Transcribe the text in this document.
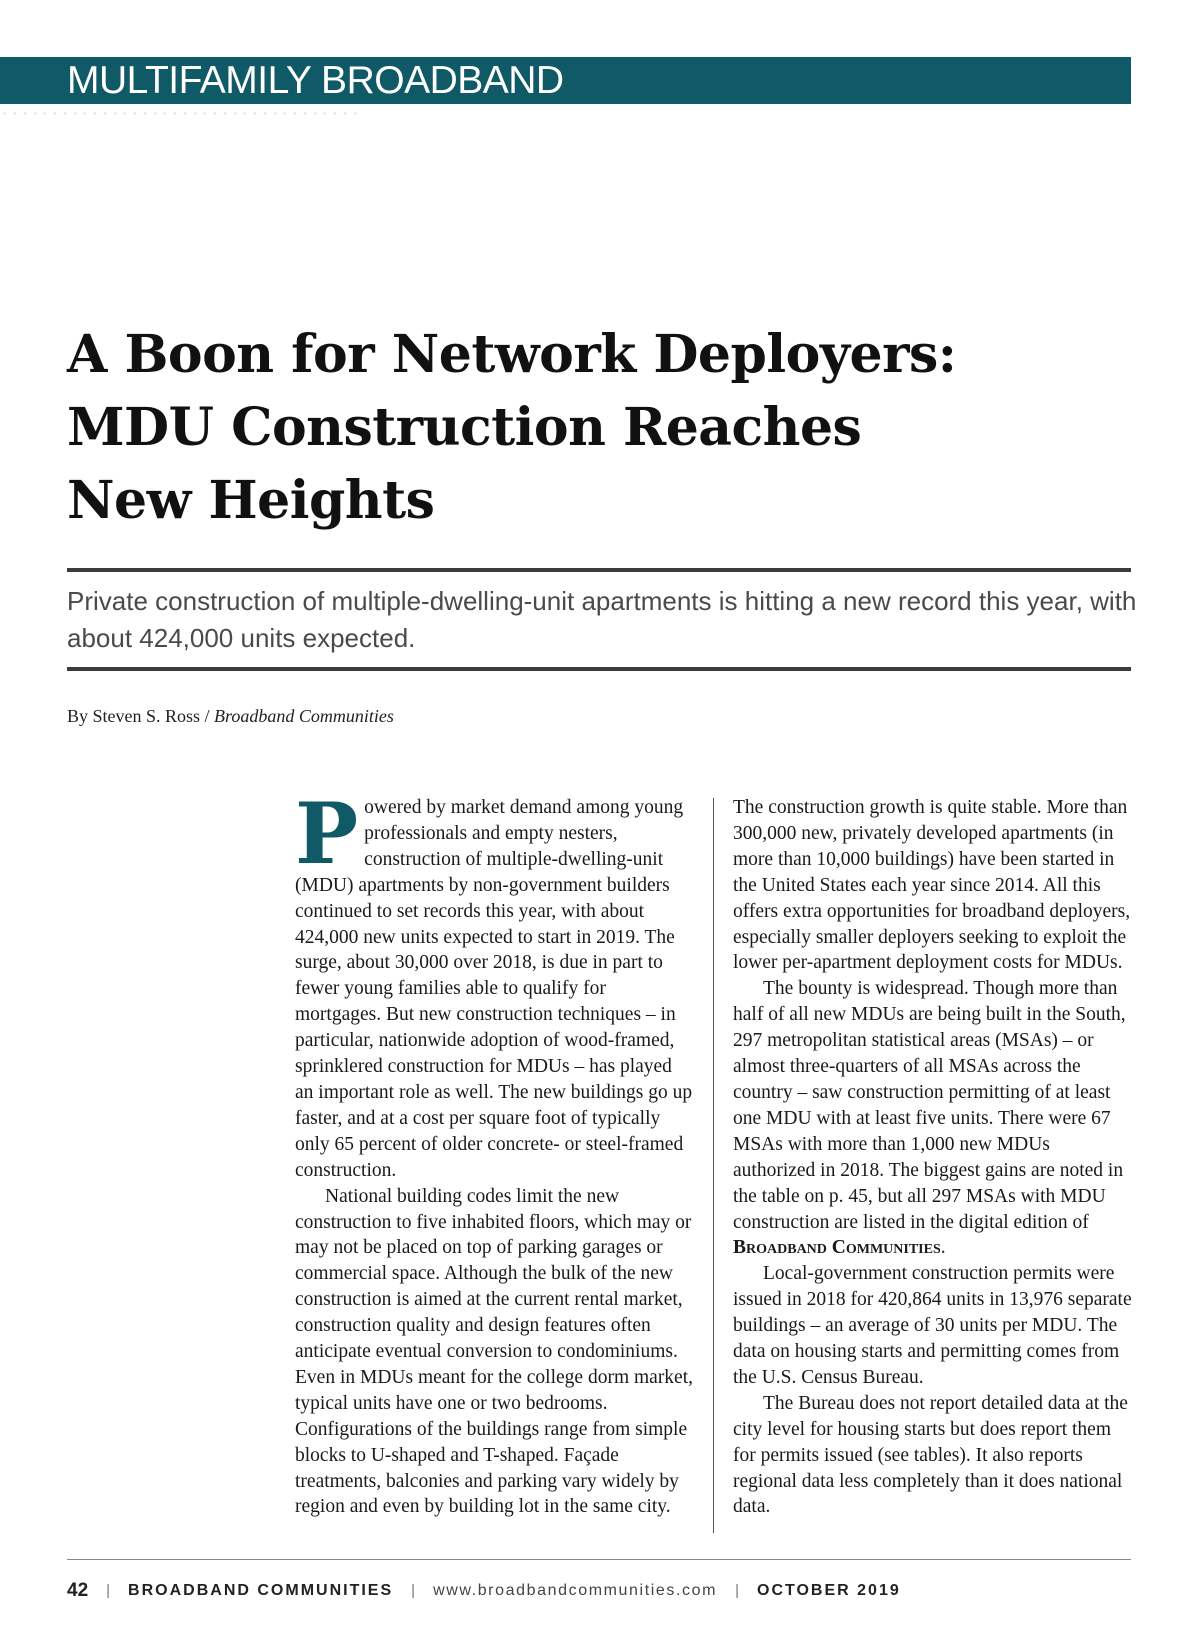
MULTIFAMILY BROADBAND
A Boon for Network Deployers:
MDU Construction Reaches
New Heights
Private construction of multiple-dwelling-unit apartments is hitting a new record this year, with about 424,000 units expected.
By Steven S. Ross / Broadband Communities

Powered by market demand among young professionals and empty nesters, construction of multiple-dwelling-unit (MDU) apartments by non-government builders continued to set records this year, with about 424,000 new units expected to start in 2019. The surge, about 30,000 over 2018, is due in part to fewer young families able to qualify for mortgages. But new construction techniques – in particular, nationwide adoption of wood-framed, sprinklered construction for MDUs – has played an important role as well. The new buildings go up faster, and at a cost per square foot of typically only 65 percent of older concrete- or steel-framed construction.

National building codes limit the new construction to five inhabited floors, which may or may not be placed on top of parking garages or commercial space. Although the bulk of the new construction is aimed at the current rental market, construction quality and design features often anticipate eventual conversion to condominiums. Even in MDUs meant for the college dorm market, typical units have one or two bedrooms. Configurations of the buildings range from simple blocks to U-shaped and T-shaped. Façade treatments, balconies and parking vary widely by region and even by building lot in the same city.

The construction growth is quite stable. More than 300,000 new, privately developed apartments (in more than 10,000 buildings) have been started in the United States each year since 2014. All this offers extra opportunities for broadband deployers, especially smaller deployers seeking to exploit the lower per-apartment deployment costs for MDUs.

The bounty is widespread. Though more than half of all new MDUs are being built in the South, 297 metropolitan statistical areas (MSAs) – or almost three-quarters of all MSAs across the country – saw construction permitting of at least one MDU with at least five units. There were 67 MSAs with more than 1,000 new MDUs authorized in 2018. The biggest gains are noted in the table on p. 45, but all 297 MSAs with MDU construction are listed in the digital edition of Broadband Communities.

Local-government construction permits were issued in 2018 for 420,864 units in 13,976 separate buildings – an average of 30 units per MDU. The data on housing starts and permitting comes from the U.S. Census Bureau.

The Bureau does not report detailed data at the city level for housing starts but does report them for permits issued (see tables). It also reports regional data less completely than it does national data.

42 | BROADBAND COMMUNITIES | www.broadbandcommunities.com | OCTOBER 2019
